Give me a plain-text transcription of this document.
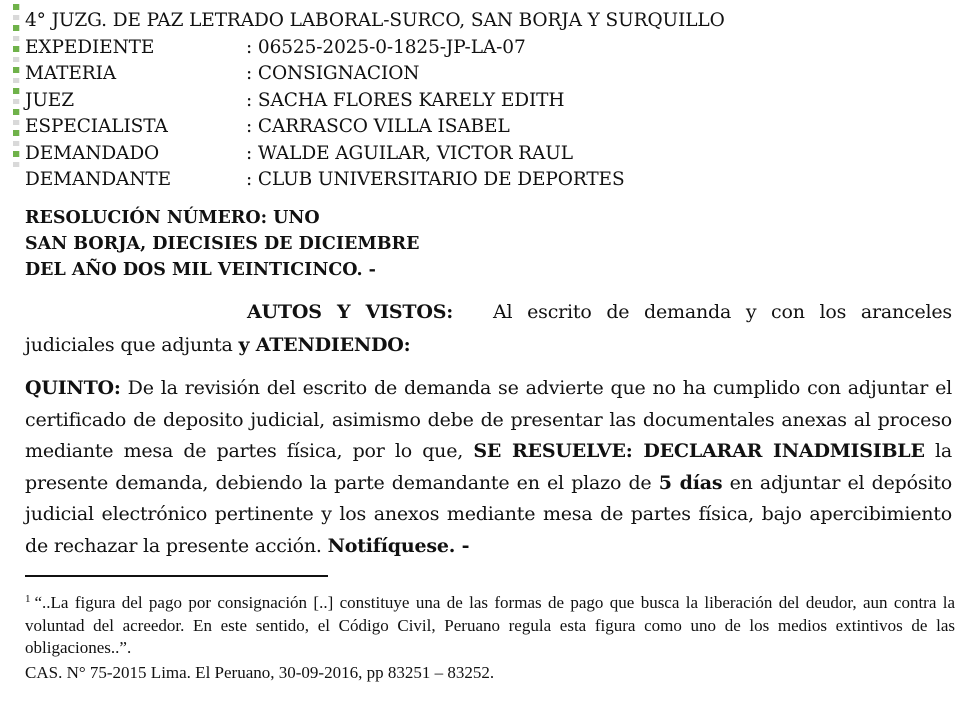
4° JUZG. DE PAZ LETRADO LABORAL-SURCO, SAN BORJA Y SURQUILLO
EXPEDIENTE	: 06525-2025-0-1825-JP-LA-07
MATERIA	: CONSIGNACION
JUEZ	: SACHA FLORES KARELY EDITH
ESPECIALISTA	: CARRASCO VILLA ISABEL
DEMANDADO	: WALDE AGUILAR, VICTOR RAUL
DEMANDANTE	: CLUB UNIVERSITARIO DE DEPORTES
RESOLUCIÓN NÚMERO: UNO
SAN BORJA, DIECISIES DE DICIEMBRE
DEL AÑO DOS MIL VEINTICINCO. -
AUTOS Y VISTOS: Al escrito de demanda y con los aranceles judiciales que adjunta y ATENDIENDO:
QUINTO: De la revisión del escrito de demanda se advierte que no ha cumplido con adjuntar el certificado de deposito judicial, asimismo debe de presentar las documentales anexas al proceso mediante mesa de partes física, por lo que, SE RESUELVE: DECLARAR INADMISIBLE la presente demanda, debiendo la parte demandante en el plazo de 5 días en adjuntar el depósito judicial electrónico pertinente y los anexos mediante mesa de partes física, bajo apercibimiento de rechazar la presente acción. Notifíquese. -
$^1$ “..La figura del pago por consignación [..] constituye una de las formas de pago que busca la liberación del deudor, aun contra la voluntad del acreedor. En este sentido, el Código Civil, Peruano regula esta figura como uno de los medios extintivos de las obligaciones..”.
CAS. N° 75-2015 Lima. El Peruano, 30-09-2016, pp 83251 – 83252.
